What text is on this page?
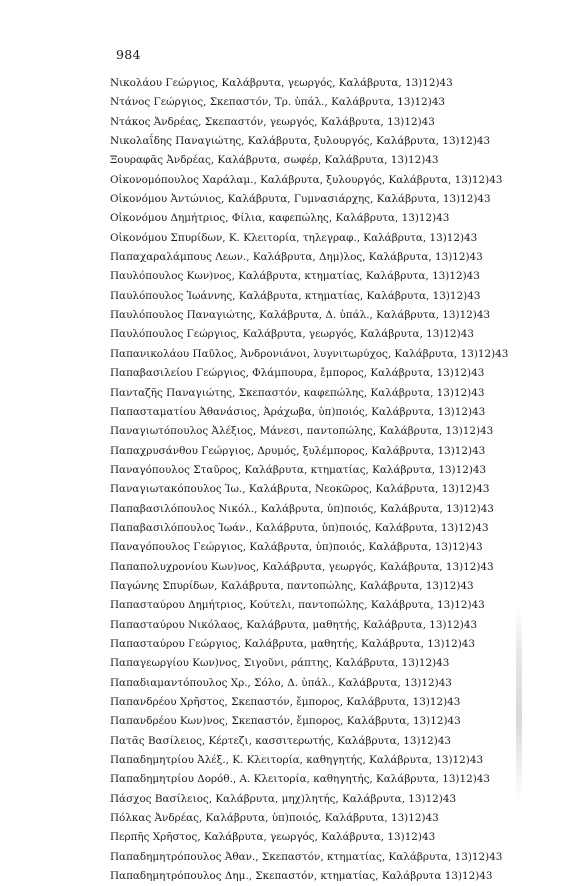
984
Νικολάου Γεώργιος, Καλάβρυτα, γεωργός, Καλάβρυτα, 13)12)43
Ντάνος Γεώργιος, Σκεπαστόν, Τρ. ὑπάλ., Καλάβρυτα, 13)12)43
Ντάκος Ἀνδρέας, Σκεπαστόν, γεωργός, Καλάβρυτα, 13)12)43
Νικολαΐδης Παναγιώτης, Καλάβρυτα, ξυλουργός, Καλάβρυτα, 13)12)43
Ξουραφᾶς Ἀνδρέας, Καλάβρυτα, σωφέρ, Καλάβρυτα, 13)12)43
Οἰκονομόπουλος Χαράλαμ., Καλάβρυτα, ξυλουργός, Καλάβρυτα, 13)12)43
Οἰκονόμου Ἀντώνιος, Καλάβρυτα, Γυμνασιάρχης, Καλάβρυτα, 13)12)43
Οἰκονόμου Δημήτριος, Φίλια, καφεπώλης, Καλάβρυτα, 13)12)43
Οἰκονόμου Σπυρίδων, Κ. Κλειτορία, τηλεγραφ., Καλάβρυτα, 13)12)43
Παπαχαραλάμπους Λεων., Καλάβρυτα, Δημ)λος, Καλάβρυτα, 13)12)43
Παυλόπουλος Κων)νος, Καλάβρυτα, κτηματίας, Καλάβρυτα, 13)12)43
Παυλόπουλος Ἰωάννης, Καλάβρυτα, κτηματίας, Καλάβρυτα, 13)12)43
Παυλόπουλος Παναγιώτης, Καλάβρυτα, Δ. ὑπάλ., Καλάβρυτα, 13)12)43
Παυλόπουλος Γεώργιος, Καλάβρυτα, γεωργός, Καλάβρυτα, 13)12)43
Παπανικολάου Παῦλος, Ἀνδρονιάνοι, λυγνιτωρύχος, Καλάβρυτα, 13)12)43
Παπαβασιλείου Γεώργιος, Φλάμπουρα, ἔμπορος, Καλάβρυτα, 13)12)43
Πανταζῆς Παναγιώτης, Σκεπαστόν, καφεπώλης, Καλάβρυτα, 13)12)43
Παπασταματίου Ἀθανάσιος, Ἀράχωβα, ὑπ)ποιός, Καλάβρυτα, 13)12)43
Παναγιωτόπουλος Ἀλέξιος, Μάνεσι, παντοπώλης, Καλάβρυτα, 13)12)43
Παπαχρυσάνθου Γεώργιος, Δρυμός, ξυλέμπορος, Καλάβρυτα, 13)12)43
Παναγόπουλος Σταῦρος, Καλάβρυτα, κτηματίας, Καλάβρυτα, 13)12)43
Παναγιωτακόπουλος Ἰω., Καλάβρυτα, Νεοκῶρος, Καλάβρυτα, 13)12)43
Παπαβασιλόπουλος Νικόλ., Καλάβρυτα, ὑπ)ποιός, Καλάβρυτα, 13)12)43
Παπαβασιλόπουλος Ἰωάν., Καλάβρυτα, ὑπ)ποιός, Καλάβρυτα, 13)12)43
Παναγόπουλος Γεώργιος, Καλάβρυτα, ὑπ)ποιός, Καλάβρυτα, 13)12)43
Παπαπολυχρονίου Κων)νος, Καλάβρυτα, γεωργός, Καλάβρυτα, 13)12)43
Παγώνης Σπυρίδων, Καλάβρυτα, παντοπώλης, Καλάβρυτα, 13)12)43
Παπασταύρου Δημήτριος, Κούτελι, παντοπώλης, Καλάβρυτα, 13)12)43
Παπασταύρου Νικόλαος, Καλάβρυτα, μαθητής, Καλάβρυτα, 13)12)43
Παπασταύρου Γεώργιος, Καλάβρυτα, μαθητής, Καλάβρυτα, 13)12)43
Παπαγεωργίου Κων)νος, Σιγοῦνι, ράπτης, Καλάβρυτα, 13)12)43
Παπαδιαμαντόπουλος Χρ., Σόλο, Δ. ὑπάλ., Καλάβρυτα, 13)12)43
Παπανδρέου Χρῆστος, Σκεπαστόν, ἔμπορος, Καλάβρυτα, 13)12)43
Παπανδρέου Κων)νος, Σκεπαστόν, ἔμπορος, Καλάβρυτα, 13)12)43
Πατᾶς Βασίλειος, Κέρτεζι, κασσιτερωτής, Καλάβρυτα, 13)12)43
Παπαδημητρίου Ἀλέξ., Κ. Κλειτορία, καθηγητής, Καλάβρυτα, 13)12)43
Παπαδημητρίου Δορόθ., Α. Κλειτορία, καθηγητής, Καλάβρυτα, 13)12)43
Πάσχος Βασίλειος, Καλάβρυτα, μηχ)λητής, Καλάβρυτα, 13)12)43
Πόλκας Ἀνδρέας, Καλάβρυτα, ὑπ)ποιός, Καλάβρυτα, 13)12)43
Περπῆς Χρῆστος, Καλάβρυτα, γεωργός, Καλάβρυτα, 13)12)43
Παπαδημητρόπουλος Ἀθαν., Σκεπαστόν, κτηματίας, Καλάβρυτα, 13)12)43
Παπαδημητρόπουλος Δημ., Σκεπαστόν, κτηματίας, Καλάβρυτα 13)12)43
